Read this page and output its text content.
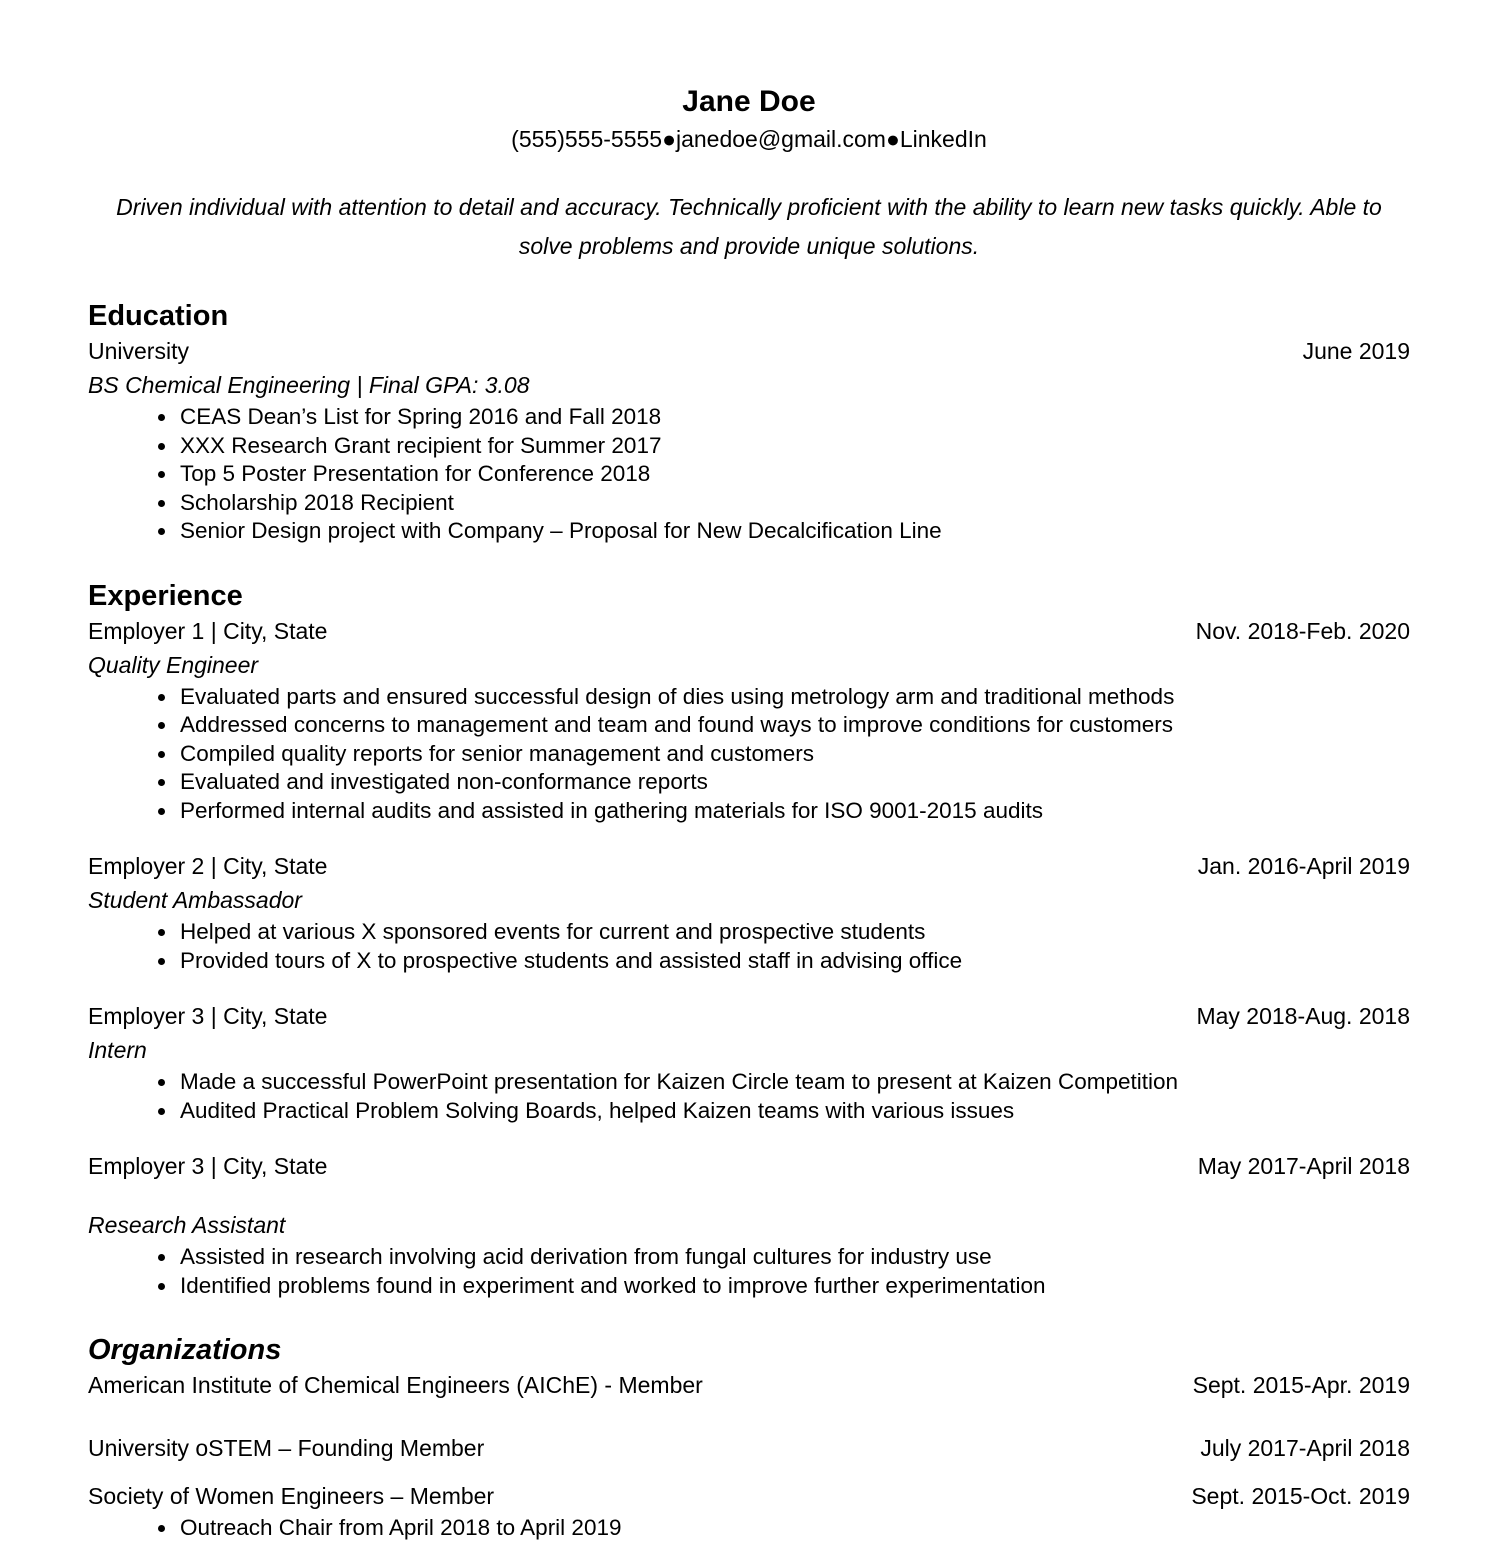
Jane Doe
(555)555-5555●janedoe@gmail.com●LinkedIn

Driven individual with attention to detail and accuracy. Technically proficient with the ability to learn new tasks quickly. Able to solve problems and provide unique solutions.

Education
University	June 2019
BS Chemical Engineering | Final GPA: 3.08
• CEAS Dean’s List for Spring 2016 and Fall 2018
• XXX Research Grant recipient for Summer 2017
• Top 5 Poster Presentation for Conference 2018
• Scholarship 2018 Recipient
• Senior Design project with Company – Proposal for New Decalcification Line
Experience
Employer 1 | City, State	Nov. 2018-Feb. 2020
Quality Engineer
• Evaluated parts and ensured successful design of dies using metrology arm and traditional methods
• Addressed concerns to management and team and found ways to improve conditions for customers
• Compiled quality reports for senior management and customers
• Evaluated and investigated non-conformance reports
• Performed internal audits and assisted in gathering materials for ISO 9001-2015 audits
Employer 2 | City, State	Jan. 2016-April 2019
Student Ambassador
• Helped at various X sponsored events for current and prospective students
• Provided tours of X to prospective students and assisted staff in advising office
Employer 3 | City, State	May 2018-Aug. 2018
Intern
• Made a successful PowerPoint presentation for Kaizen Circle team to present at Kaizen Competition
• Audited Practical Problem Solving Boards, helped Kaizen teams with various issues
Employer 3 | City, State	May 2017-April 2018
Research Assistant
• Assisted in research involving acid derivation from fungal cultures for industry use
• Identified problems found in experiment and worked to improve further experimentation
Organizations
American Institute of Chemical Engineers (AIChE) - Member	Sept. 2015-Apr. 2019
University oSTEM – Founding Member	July 2017-April 2018
Society of Women Engineers – Member	Sept. 2015-Oct. 2019
• Outreach Chair from April 2018 to April 2019
